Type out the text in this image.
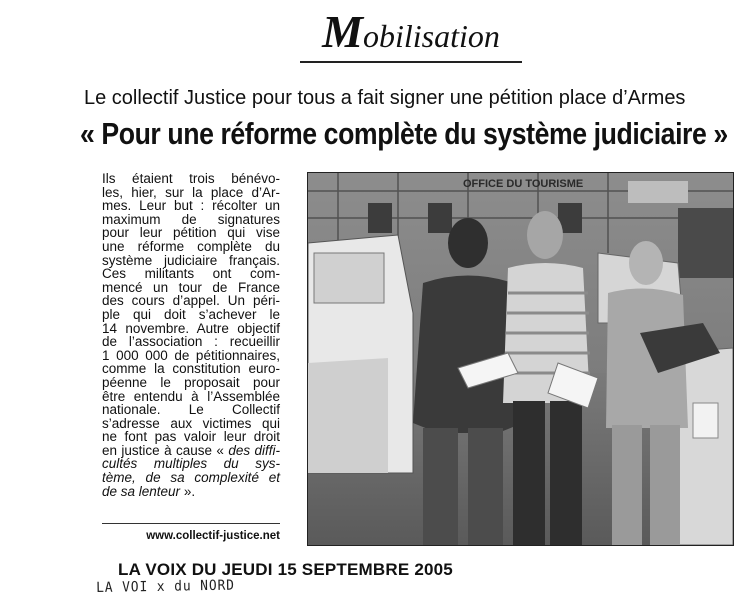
Mobilisation
Le collectif Justice pour tous a fait signer une pétition place d’Armes
« Pour une réforme complète du système judiciaire »
Ils étaient trois bénévo-
les, hier, sur la place d’Ar-
mes. Leur but : récolter un
maximum de signatures
pour leur pétition qui vise
une réforme complète du
système judiciaire français.
Ces militants ont com-
mencé un tour de France
des cours d’appel. Un péri-
ple qui doit s’achever le
14 novembre. Autre objectif
de l’association : recueillir
1 000 000 de pétitionnaires,
comme la constitution euro-
péenne le proposait pour
être entendu à l’Assemblée
nationale. Le Collectif
s’adresse aux victimes qui
ne font pas valoir leur droit
en justice à cause « des diffi-
cultés multiples du sys-
tème, de sa complexité et
de sa lenteur ».
www.collectif-justice.net
LA VOIX DU JEUDI 15 SEPTEMBRE 2005
LA VOI x du NORD
OFFICE DU TOURISME
